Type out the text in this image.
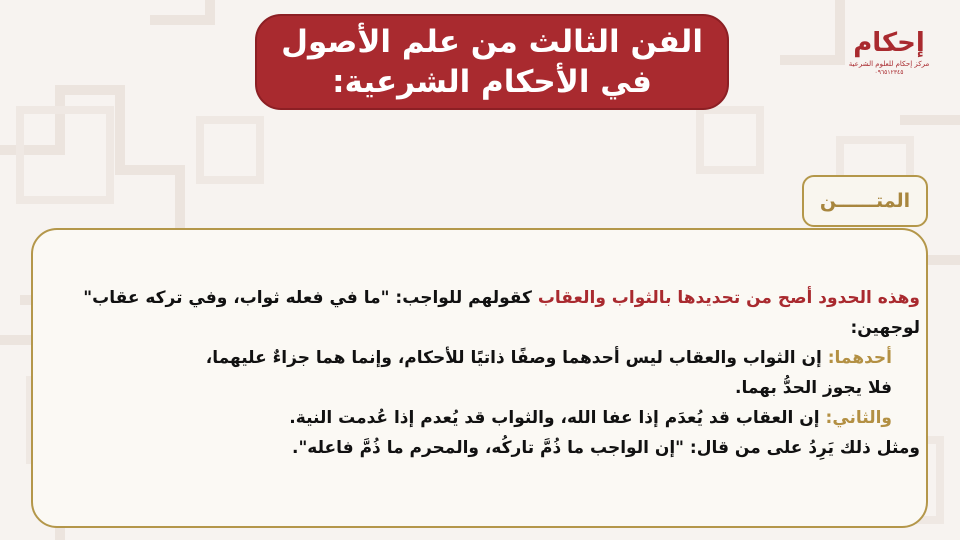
الفن الثالث من علم الأصول
في الأحكام الشرعية:
إحكام
مركز إحكام للعلوم الشرعية
٠٩٦٥١٢٣٤٥
المتــــــن

وهذه الحدود أصح من تحديدها بالثواب والعقاب كقولهم للواجب: "ما في فعله ثواب، وفي تركه عقاب" لوجهين:

أحدهما: إن الثواب والعقاب ليس أحدهما وصفًا ذاتيًا للأحكام، وإنما هما جزاءٌ عليهما،

فلا يجوز الحدُّ بهما.

والثاني: إن العقاب قد يُعدَم إذا عفا الله، والثواب قد يُعدم إذا عُدمت النية.

ومثل ذلك يَرِدُ على من قال: "إن الواجب ما ذُمَّ تاركُه، والمحرم ما ذُمَّ فاعله".
